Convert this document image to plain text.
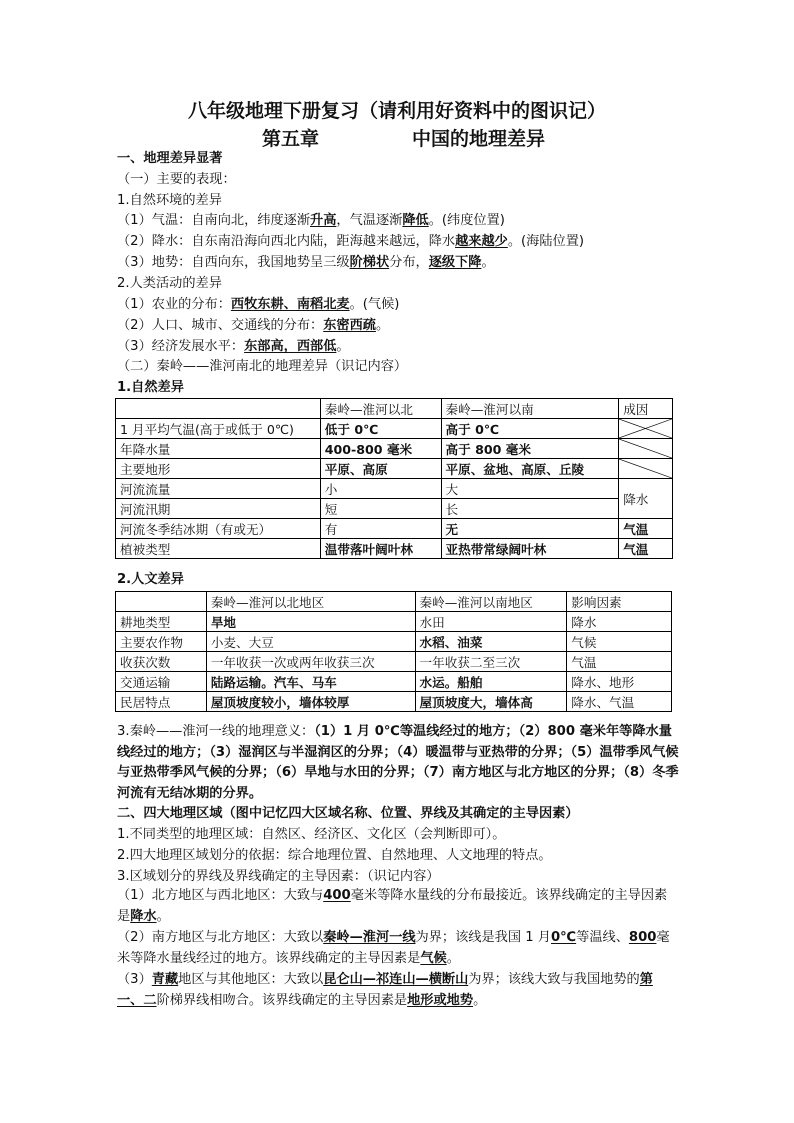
八年级地理下册复习（请利用好资料中的图识记）
第五章	中国的地理差异
一、地理差异显著
（一）主要的表现：
1.自然环境的差异
（1）气温：自南向北，纬度逐渐升高，气温逐渐降低。(纬度位置)
（2）降水：自东南沿海向西北内陆，距海越来越远，降水越来越少。(海陆位置)
（3）地势：自西向东，我国地势呈三级阶梯状分布，逐级下降。
2.人类活动的差异
（1）农业的分布：西牧东耕、南稻北麦。(气候)
（2）人口、城市、交通线的分布：东密西疏。
（3）经济发展水平：东部高，西部低。
（二）秦岭——淮河南北的地理差异（识记内容）
1.自然差异
	秦岭—淮河以北	秦岭—淮河以南	成因
1 月平均气温(高于或低于 0℃)	低于 0℃	高于 0℃	

年降水量	400-800 毫米	高于 800 毫米	

主要地形	平原、高原	平原、盆地、高原、丘陵	

河流流量	小	大	降水
河流汛期	短	长	
河流冬季结冰期（有或无）	有	无	气温
植被类型	温带落叶阔叶林	亚热带常绿阔叶林	气温
2.人文差异
	秦岭—淮河以北地区	秦岭—淮河以南地区	影响因素
耕地类型	旱地	水田	降水
主要农作物	小麦、大豆	水稻、油菜	气候
收获次数	一年收获一次或两年收获三次	一年收获二至三次	气温
交通运输	陆路运输。汽车、马车	水运。船舶	降水、地形
民居特点	屋顶坡度较小，墙体较厚	屋顶坡度大，墙体高	降水、气温
3.秦岭——淮河一线的地理意义：（1）1 月 0℃等温线经过的地方；（2）800 毫米年等降水量线经过的地方；（3）湿润区与半湿润区的分界；（4）暖温带与亚热带的分界；（5）温带季风气候与亚热带季风气候的分界；（6）旱地与水田的分界；（7）南方地区与北方地区的分界；（8）冬季河流有无结冰期的分界。
二、四大地理区域（图中记忆四大区域名称、位置、界线及其确定的主导因素）
1.不同类型的地理区域：自然区、经济区、文化区（会判断即可）。
2.四大地理区域划分的依据：综合地理位置、自然地理、人文地理的特点。
3.区域划分的界线及界线确定的主导因素：（识记内容）
（1）北方地区与西北地区：大致与400毫米等降水量线的分布最接近。该界线确定的主导因素是降水。
（2）南方地区与北方地区：大致以秦岭—淮河一线为界；该线是我国 1 月0℃等温线、800毫米等降水量线经过的地方。该界线确定的主导因素是气候。
（3）青藏地区与其他地区：大致以昆仑山—祁连山—横断山为界；该线大致与我国地势的第一、二阶梯界线相吻合。该界线确定的主导因素是地形或地势。
